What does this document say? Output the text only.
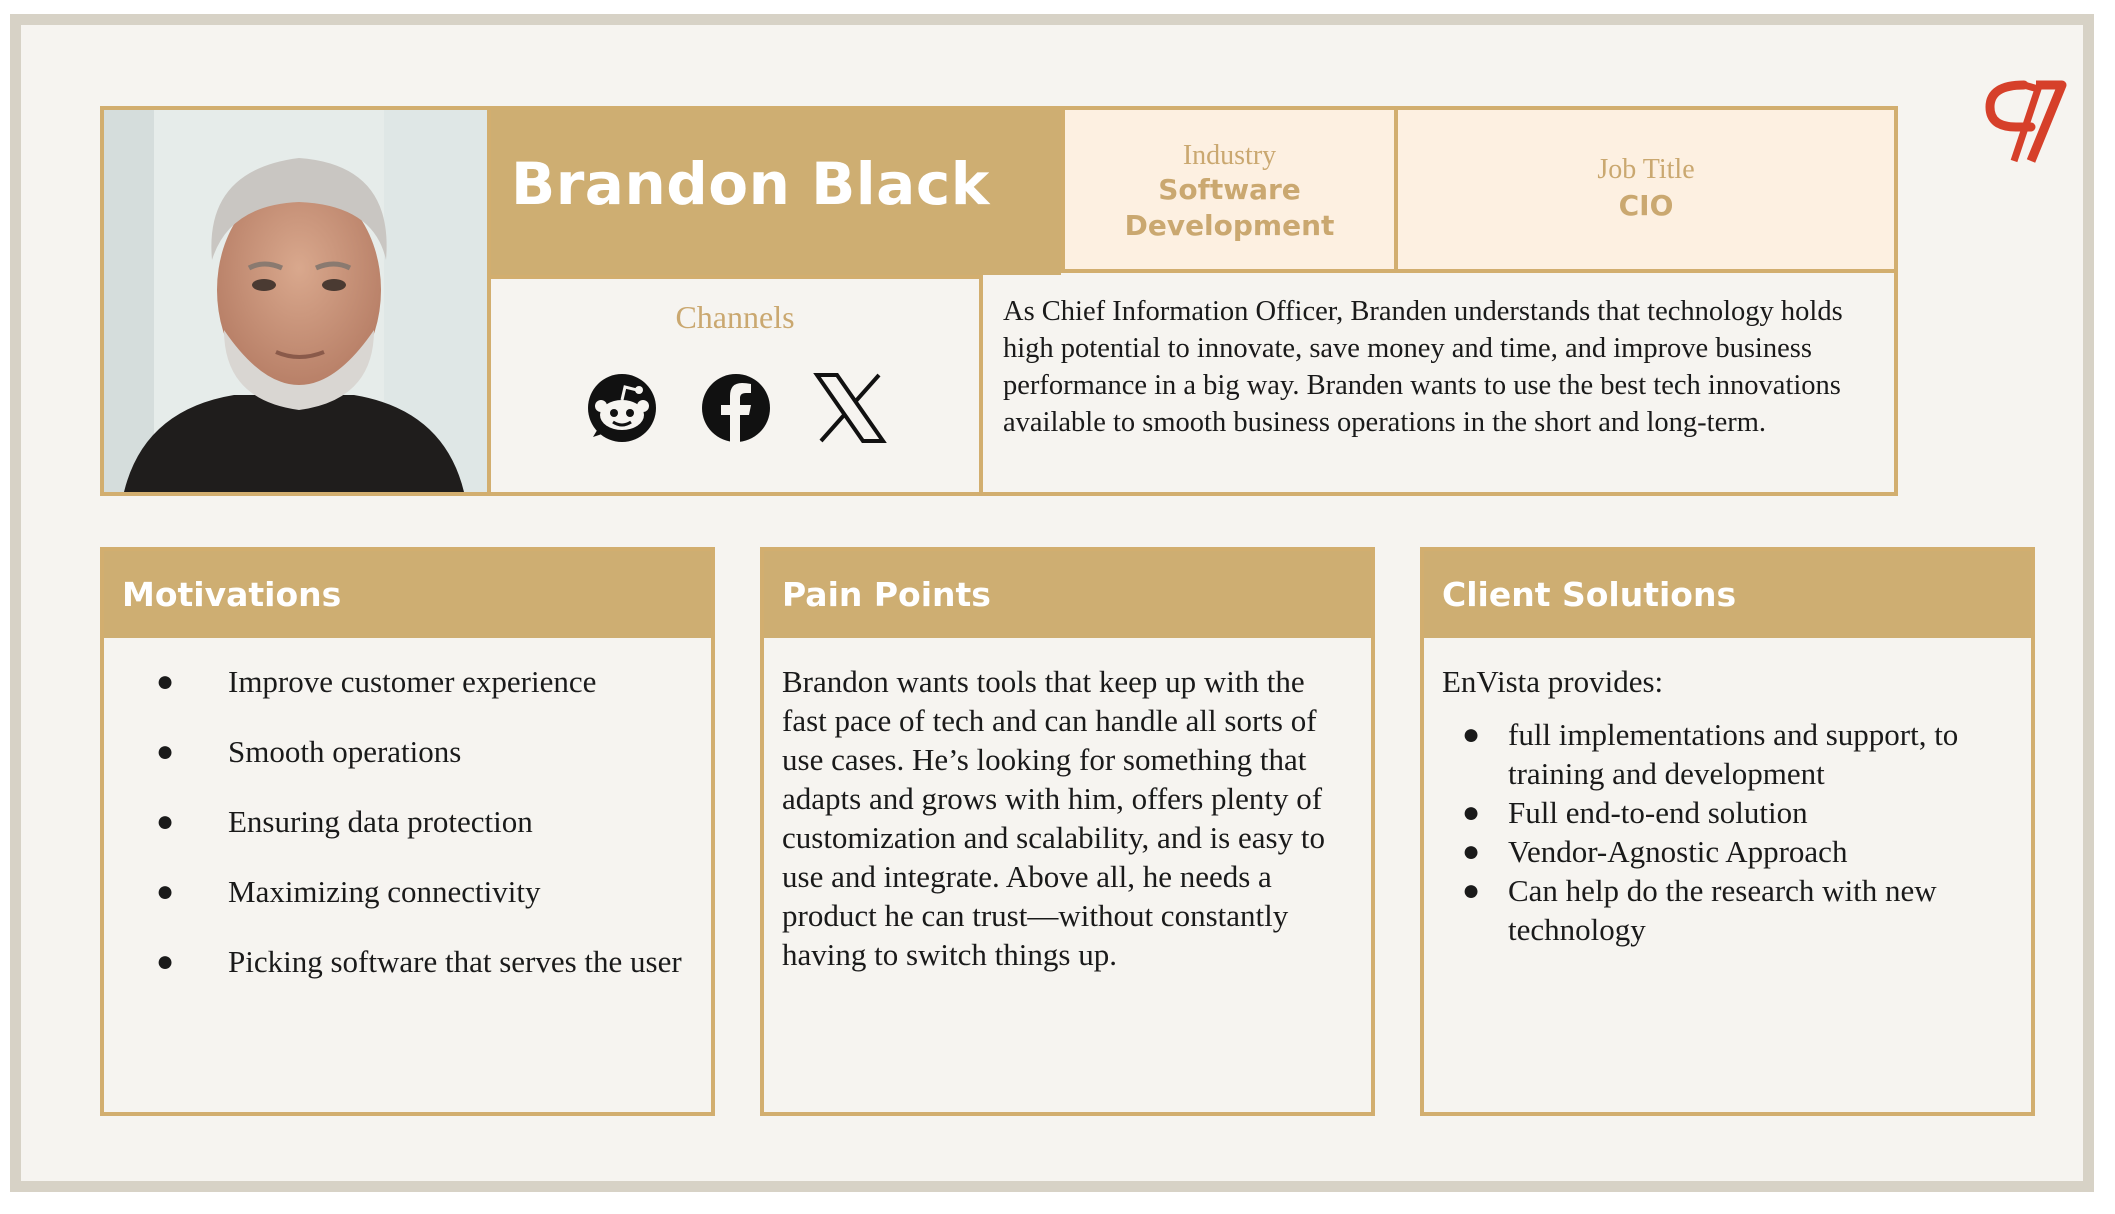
Brandon Black	Industry
Software Development
Job Title
CIO
Channels	As Chief Information Officer, Branden understands that technology holds high potential to innovate, save money and time, and improve business performance in a big way. Branden wants to use the best tech innovations available to smooth business operations in the short and long-term.
Motivations
● Improve customer experience
● Smooth operations
● Ensuring data protection
● Maximizing connectivity
● Picking software that serves the user
Pain Points
Brandon wants tools that keep up with the fast pace of tech and can handle all sorts of use cases. He’s looking for something that adapts and grows with him, offers plenty of customization and scalability, and is easy to use and integrate. Above all, he needs a product he can trust—without constantly having to switch things up.
Client Solutions
EnVista provides:
● full implementations and support, to training and development
● Full end-to-end solution
● Vendor-Agnostic Approach
● Can help do the research with new technology
